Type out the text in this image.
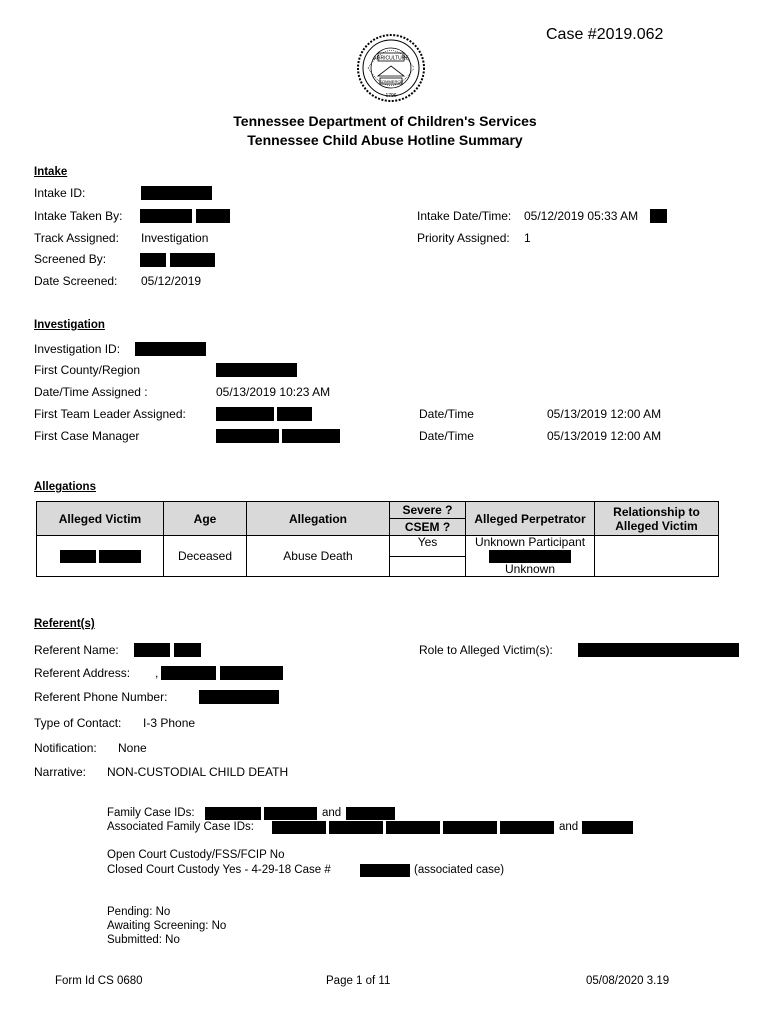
Case #2019.062
AGRICULTURE
COMMERCE
1796
Tennessee Department of Children's Services
Tennessee Child Abuse Hotline Summary
Intake
Intake ID:
Intake Taken By:	Intake Date/Time: 05/12/2019 05:33 AM
Track Assigned: Investigation	Priority Assigned: 1
Screened By:
Date Screened: 05/12/2019
Investigation
Investigation ID:
First County/Region
Date/Time Assigned :	05/13/2019 10:23 AM
First Team Leader Assigned:	Date/Time	05/13/2019 12:00 AM
First Case Manager	Date/Time	05/13/2019 12:00 AM
Allegations
Alleged Victim	Age	Allegation	Severe ?	Alleged Perpetrator	Relationship to Alleged Victim
			CSEM ?		
	Deceased	Abuse Death	Yes	Unknown Participant
Unknown	

Referent(s)
Referent Name:	Role to Alleged Victim(s):
Referent Address: ,
Referent Phone Number:
Type of Contact: I-3 Phone
Notification: None
Narrative: NON-CUSTODIAL CHILD DEATH
Family Case IDs:	and
Associated Family Case IDs:	and
Open Court Custody/FSS/FCIP No
Closed Court Custody Yes - 4-29-18 Case #	(associated case)
Pending: No
Awaiting Screening: No
Submitted: No
Form Id CS 0680	Page 1 of 11	05/08/2020 3.19
